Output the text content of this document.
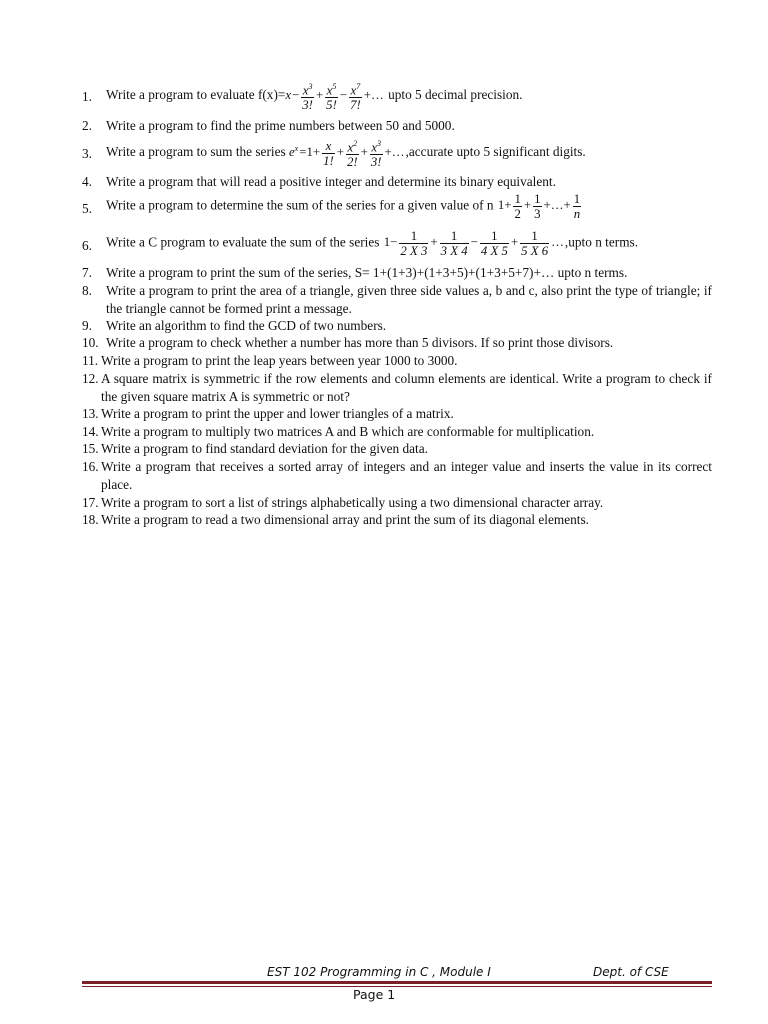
1. Write a program to evaluate $f(x)=x- \frac{x^3}{3!} + \frac{x^5}{5!} - \frac{x^7}{7!}$ +… upto 5 decimal precision.
2. Write a program to find the prime numbers between 50 and 5000.
3. Write a program to sum the series $e^x=1+ \frac{x}{1!} + \frac{x^2}{2!} + \frac{x^3}{3!}$ +…,accurate upto 5 significant digits.
4. Write a program that will read a positive integer and determine its binary equivalent.
5. Write a program to determine the sum of the series for a given value of n $1+ \frac{1}{2} + \frac{1}{3}$ +…+ $\frac{1}{n}$
6. Write a C program to evaluate the sum of the series $1- \frac{1}{2 X 3} + \frac{1}{3 X 4} - \frac{1}{4 X 5} + \frac{1}{5 X 6}$ …,upto n terms.
7. Write a program to print the sum of the series, S= 1+(1+3)+(1+3+5)+(1+3+5+7)+… upto n terms.
8. Write a program to print the area of a triangle, given three side values a, b and c, also print the type of triangle; if the triangle cannot be formed print a message.
9. Write an algorithm to find the GCD of two numbers.
10. Write a program to check whether a number has more than 5 divisors. If so print those divisors.
11. Write a program to print the leap years between year 1000 to 3000.
12. A square matrix is symmetric if the row elements and column elements are identical. Write a program to check if the given square matrix A is symmetric or not?
13. Write a program to print the upper and lower triangles of a matrix.
14. Write a program to multiply two matrices A and B which are conformable for multiplication.
15. Write a program to find standard deviation for the given data.
16. Write a program that receives a sorted array of integers and an integer value and inserts the value in its correct place.
17. Write a program to sort a list of strings alphabetically using a two dimensional character array.
18. Write a program to read a two dimensional array and print the sum of its diagonal elements.
EST 102 Programming in C , Module I	Dept. of CSE
Page 1
